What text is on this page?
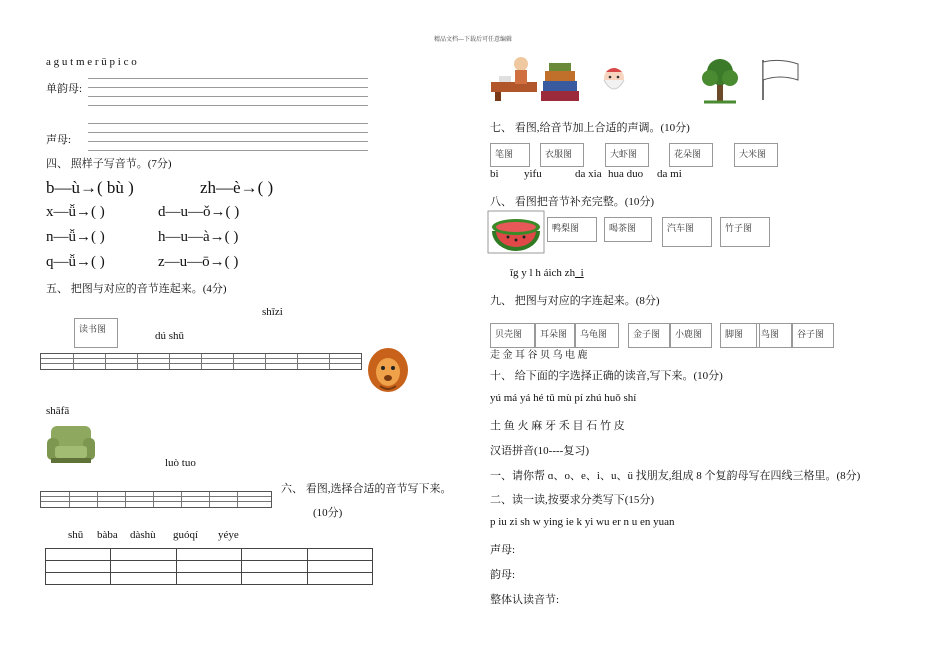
精品文档---下载后可任意编辑
a g u t m e r ü p i c o
单韵母:
声母:
四、 照样子写音节。(7分)
b—ù→( bù )	zh—è→( )
x—ǚ→( )	d—u—ǒ→( )
n—ǚ→( )	h—u—à→( )
q—ǚ→( )	z—u—ō→( )
五、 把图与对应的音节连起来。(4分)
shīzi
读书图
dú shū
shāfā
luò tuo
六、 看图,选择合适的音节写下来。
(10分)
shū bàba dàshù guóqí yéye

七、 看图,给音节加上合适的声调。(10分)
笔图	衣服图	大虾图	花朵图	大米图
bi yifu	da xia hua duo da mi
八、 看图把音节补充完整。(10分)
鸭梨图	喝茶图	汽车图	竹子图
īg y l h áich zh_i
九、 把图与对应的字连起来。(8分)
贝壳图	耳朵图	乌龟图	金子图	小鹿图	脚图	鸟图	谷子图
走 金 耳 谷 贝 乌 电 鹿
十、 给下面的字选择正确的读音,写下来。(10分)
yú má yá hé tǔ mù pí zhú huǒ shí
土 鱼 火 麻 牙 禾 目 石 竹 皮
汉语拼音(10----复习)
一、请你帮 ɑ、o、e、i、u、ü 找朋友,组成 8 个复韵母写在四线三格里。(8分)
二、读一读,按要求分类写下(15分)
p iu zi sh w ying ie k yi wu er n u en yuan
声母:
韵母:
整体认读音节:
